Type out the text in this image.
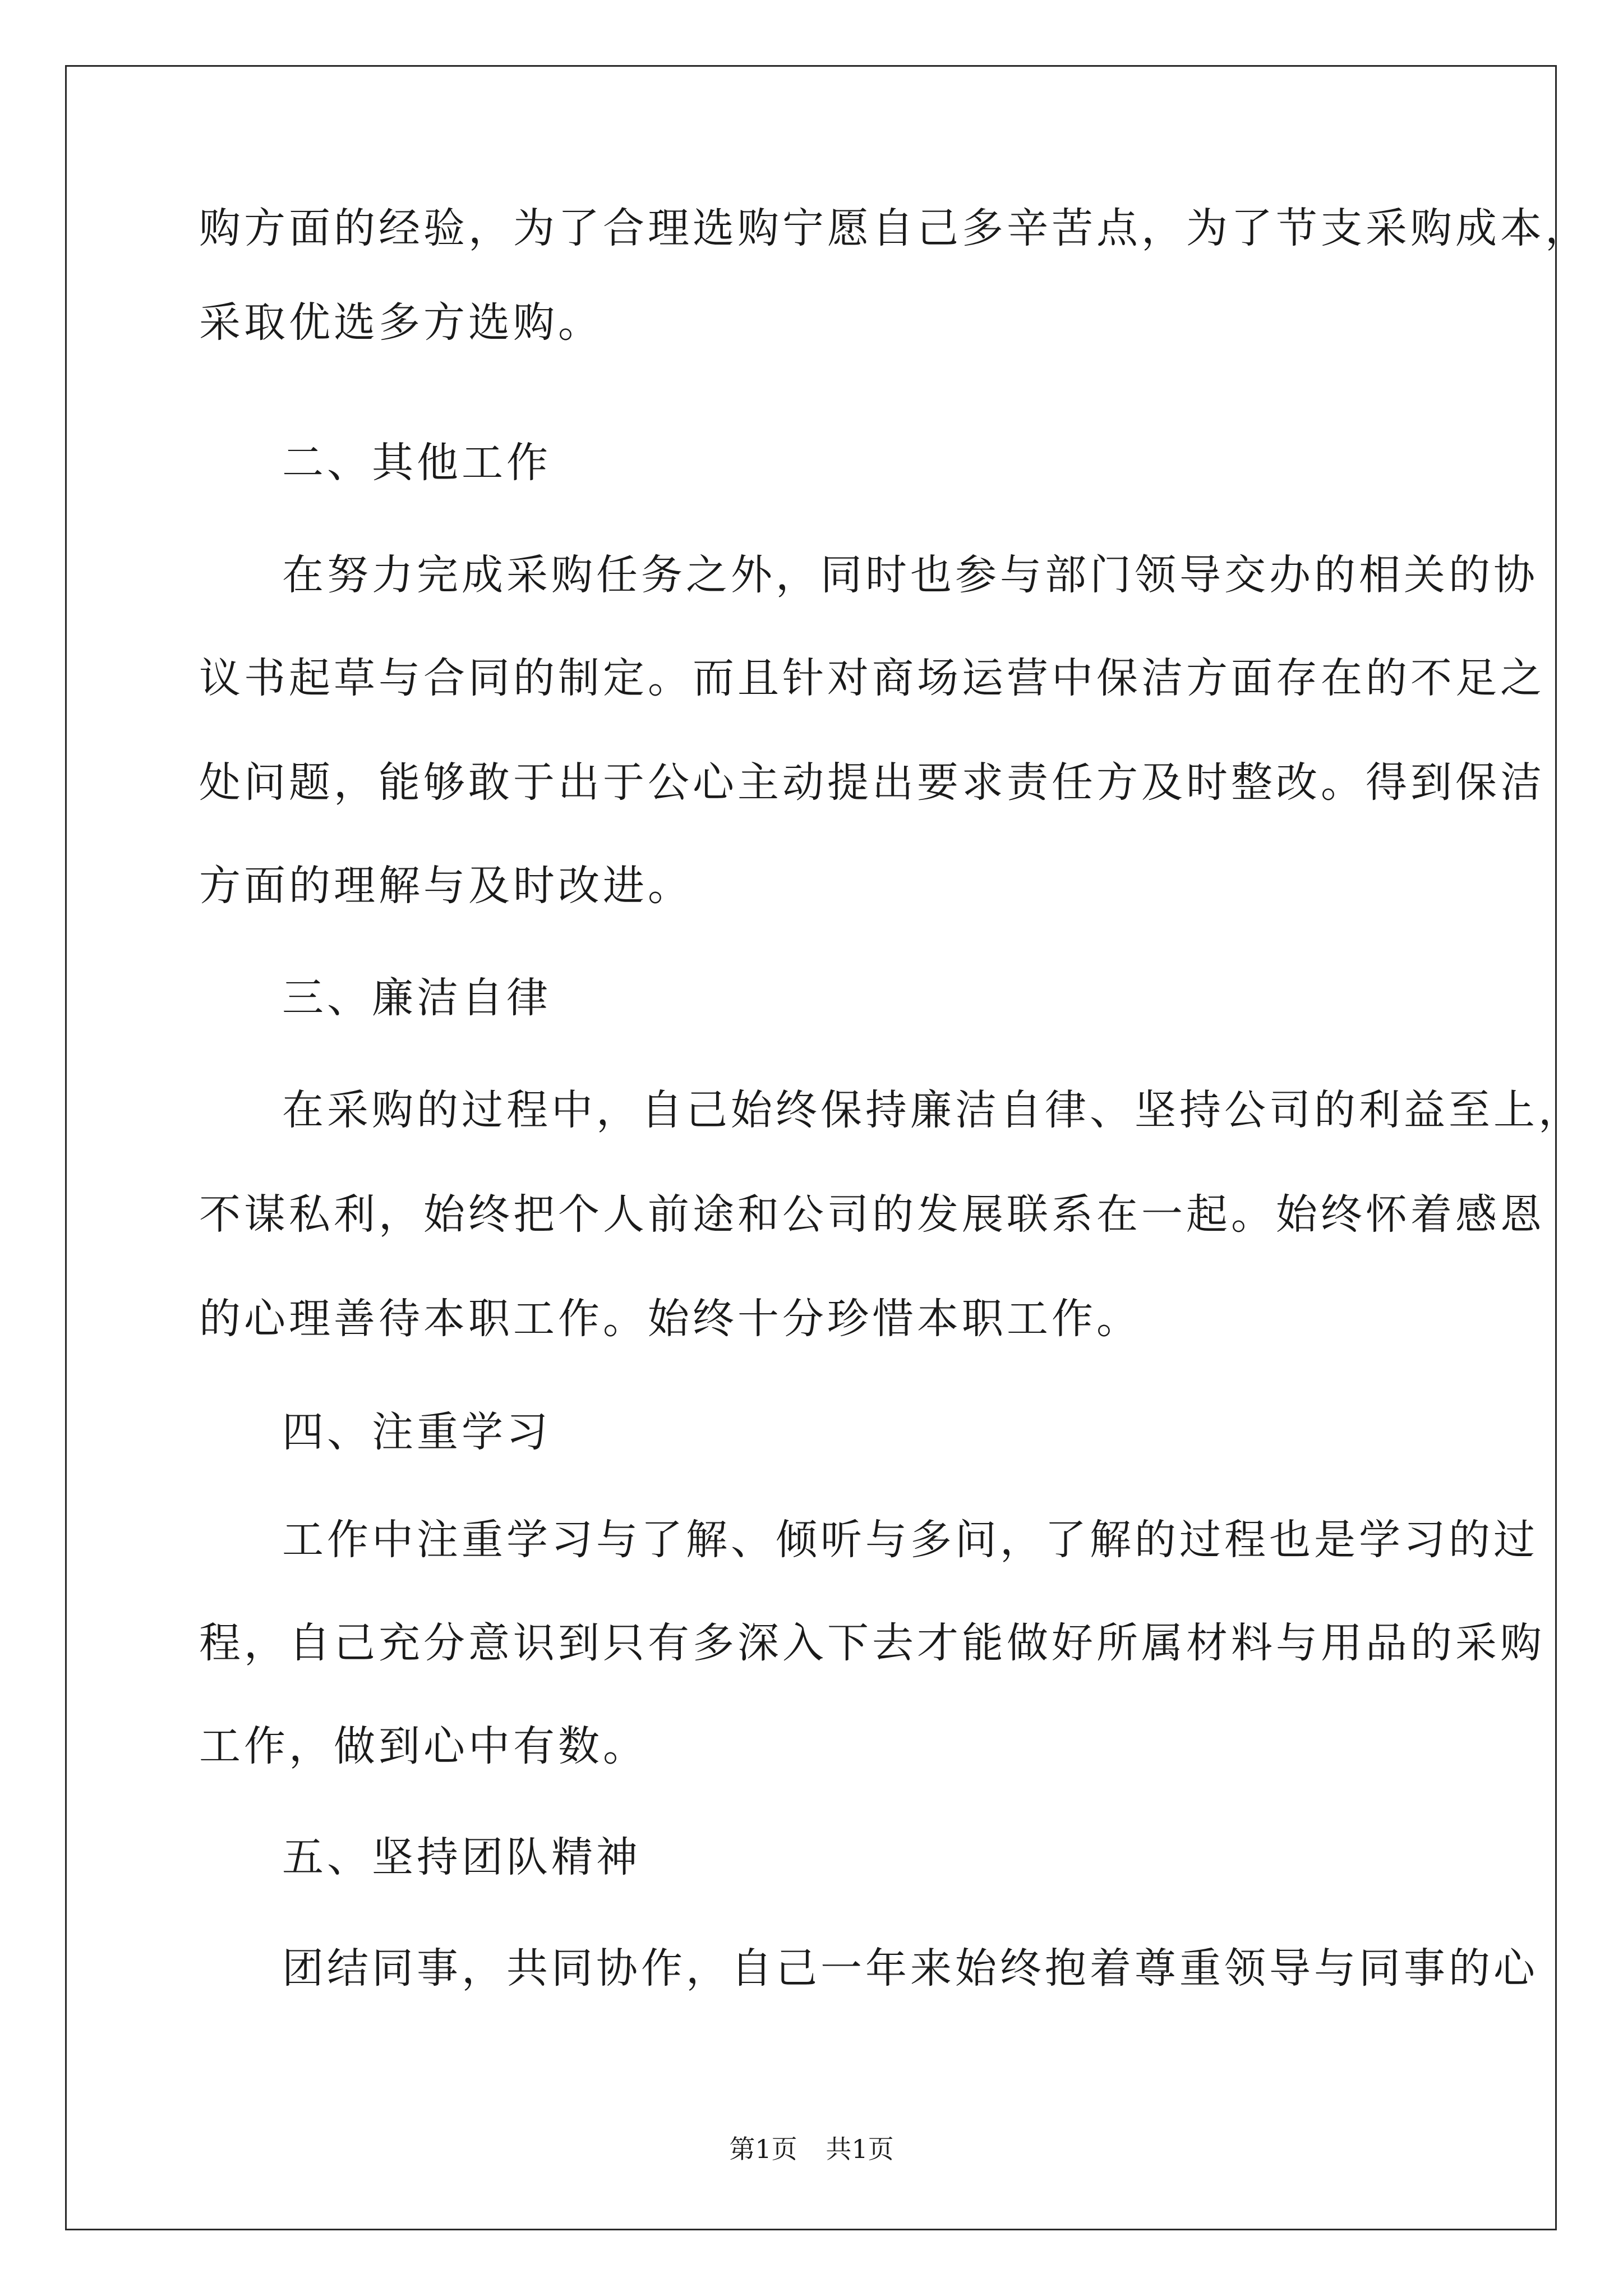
购方面的经验，为了合理选购宁愿自己多辛苦点，为了节支采购成本，
采取优选多方选购。
二、其他工作
在努力完成采购任务之外，同时也参与部门领导交办的相关的协
议书起草与合同的制定。而且针对商场运营中保洁方面存在的不足之
处问题，能够敢于出于公心主动提出要求责任方及时整改。得到保洁
方面的理解与及时改进。
三、廉洁自律
在采购的过程中，自己始终保持廉洁自律、坚持公司的利益至上，
不谋私利，始终把个人前途和公司的发展联系在一起。始终怀着感恩
的心理善待本职工作。始终十分珍惜本职工作。
四、注重学习
工作中注重学习与了解、倾听与多问，了解的过程也是学习的过
程，自己充分意识到只有多深入下去才能做好所属材料与用品的采购
工作，做到心中有数。
五、坚持团队精神
团结同事，共同协作，自己一年来始终抱着尊重领导与同事的心
第1页 共1页
